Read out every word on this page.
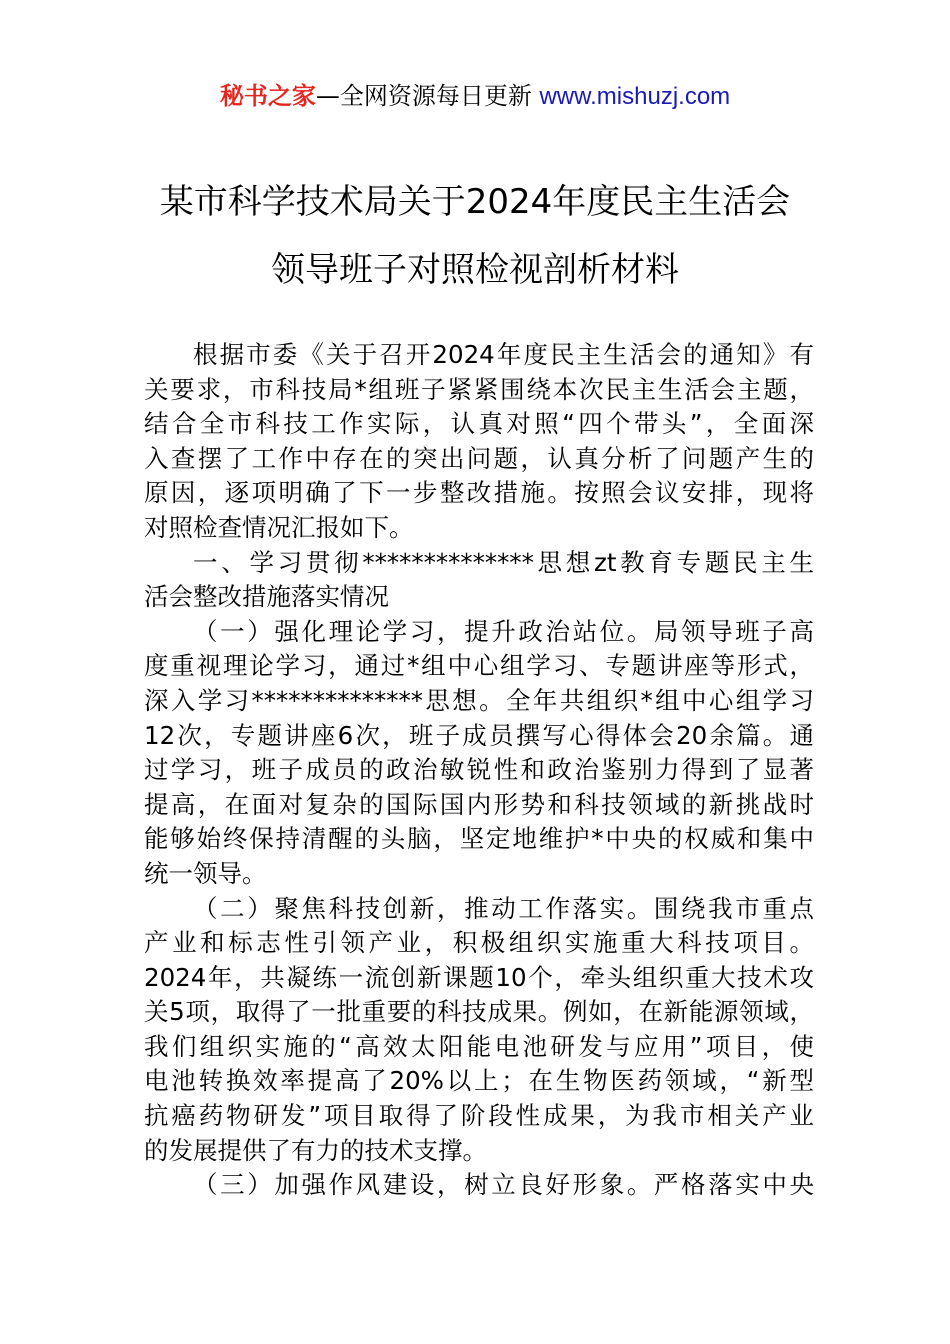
秘书之家—全网资源每日更新 www.mishuzj.com
某市科学技术局关于2024年度民主生活会
领导班子对照检视剖析材料
根据市委《关于召开2024年度民主生活会的通知》有
关要求，市科技局*组班子紧紧围绕本次民主生活会主题，
结合全市科技工作实际，认真对照“四个带头”，全面深
入查摆了工作中存在的突出问题，认真分析了问题产生的
原因，逐项明确了下一步整改措施。按照会议安排，现将
对照检查情况汇报如下。
一、学习贯彻**************思想zt教育专题民主生
活会整改措施落实情况
（一）强化理论学习，提升政治站位。局领导班子高
度重视理论学习，通过*组中心组学习、专题讲座等形式，
深入学习**************思想。全年共组织*组中心组学习
12次，专题讲座6次，班子成员撰写心得体会20余篇。通
过学习，班子成员的政治敏锐性和政治鉴别力得到了显著
提高，在面对复杂的国际国内形势和科技领域的新挑战时
能够始终保持清醒的头脑，坚定地维护*中央的权威和集中
统一领导。
（二）聚焦科技创新，推动工作落实。围绕我市重点
产业和标志性引领产业，积极组织实施重大科技项目。
2024年，共凝练一流创新课题10个，牵头组织重大技术攻
关5项，取得了一批重要的科技成果。例如，在新能源领域，
我们组织实施的“高效太阳能电池研发与应用”项目，使
电池转换效率提高了20%以上；在生物医药领域，“新型
抗癌药物研发”项目取得了阶段性成果，为我市相关产业
的发展提供了有力的技术支撑。
（三）加强作风建设，树立良好形象。严格落实中央
